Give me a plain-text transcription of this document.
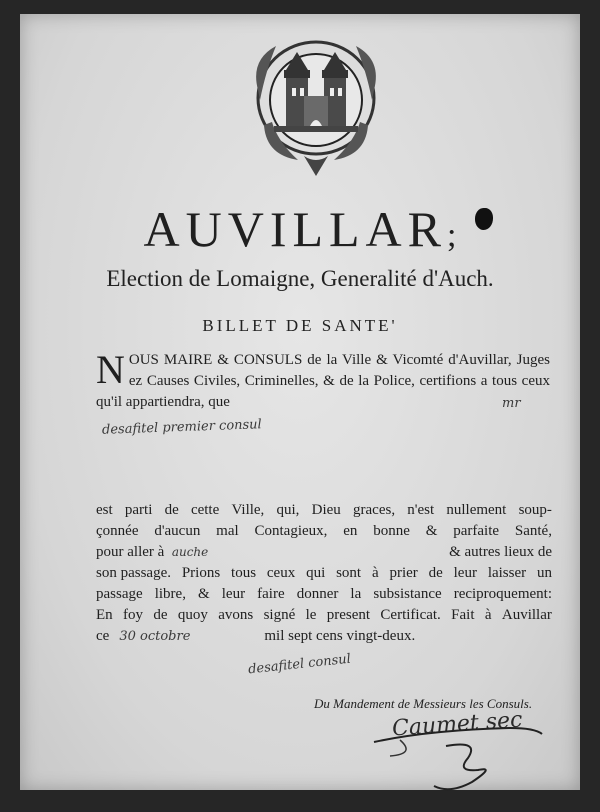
AUVILLAR;
Election de Lomaigne, Generalité d'Auch.
BILLET DE SANTE'
N OUS MAIRE & CONSULS de la Ville & Vicomté d'Auvillar, Juges ez Causes Civiles, Criminelles, & de la Police, certifions a tous ceux qu'il appartiendra, que	mr
desafitel premier consul
est parti de cette Ville, qui, Dieu graces, n'est nullement soup-
çonnée d'aucun mal Contagieux, en bonne & parfaite Santé,
pour aller à auche	& autres lieux de
son passage. Prions tous ceux qui sont à prier de leur laisser un
passage libre, & leur faire donner la subsistance reciproquement:
En foy de quoy avons signé le present Certificat. Fait à Auvillar
ce 30 octobre	mil sept cens vingt-deux.
desafitel consul
Du Mandement de Messieurs les Consuls.
Caumet sec
